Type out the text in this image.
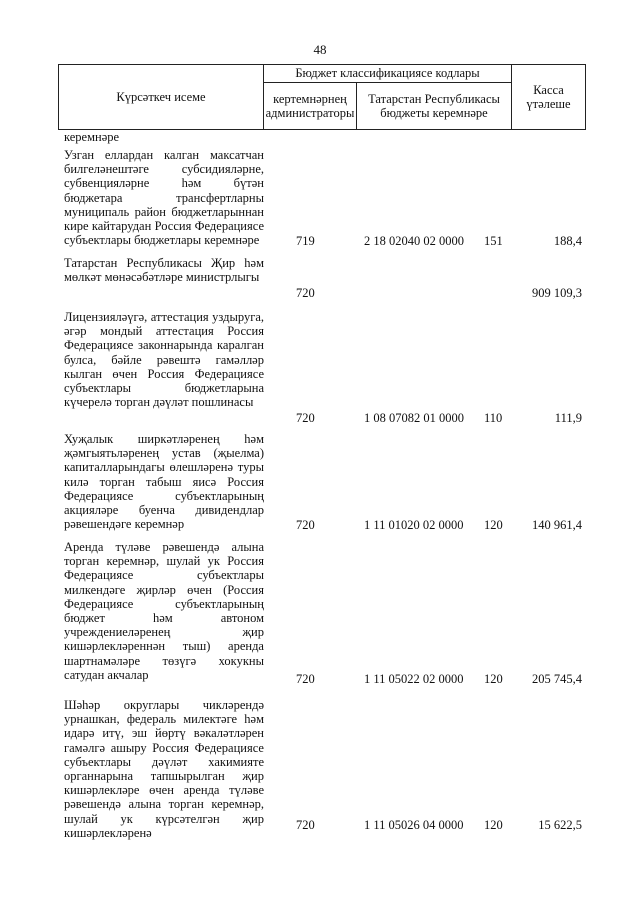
48
Күрсәткеч исеме
Бюджет классификациясе кодлары
кертемнәрнең администраторы
Татарстан Республикасы бюджеты керемнәре
Касса үтәлеше
керемнәре
Узган еллардан калган максатчан билгеләнештәге субсидияләрне, субвенцияләрне һәм бүтән бюджетара трансфертларны муниципаль район бюджетларыннан кире кайтарудан Россия Федерациясе субъектлары бюджетлары керемнәре	719	2 18 02040 02 0000	151	188,4
Татарстан Республикасы Җир һәм мөлкәт мөнәсәбәтләре министрлыгы
720	909 109,3
Лицензияләүгә, аттестация уздыруга, әгәр мондый аттестация Россия Федерациясе законнарында каралган булса, бәйле рәвештә гамәлләр кылган өчен Россия Федерациясе субъектлары бюджетларына күчерелә торган дәүләт пошлинасы
720	1 08 07082 01 0000	110	111,9
Хуҗалык ширкәтләренең һәм җәмгыятьләренең устав (җыелма) капиталларындагы өлешләренә туры килә торган табыш яисә Россия Федерациясе субъектларының акцияләре буенча дивидендлар рәвешендәге керемнәр	720	1 11 01020 02 0000	120	140 961,4
Аренда түләве рәвешендә алына торган керемнәр, шулай ук Россия Федерациясе субъектлары милкендәге җирләр өчен (Россия Федерациясе субъектларының бюджет һәм автоном учреждениеләренең җир кишәрлекләреннән тыш) аренда шартнамәләре төзүгә хокукны сатудан акчалар	720	1 11 05022 02 0000	120	205 745,4
Шәһәр округлары чикләрендә урнашкан, федераль милектәге һәм идарә итү, эш йөртү вәкаләтләрен гамәлгә ашыру Россия Федерациясе субъектлары дәүләт хакимияте органнарына тапшырылган җир кишәрлекләре өчен аренда түләве рәвешендә алына торган керемнәр, шулай ук күрсәтелгән җир кишәрлекләренә
720	1 11 05026 04 0000	120	15 622,5
